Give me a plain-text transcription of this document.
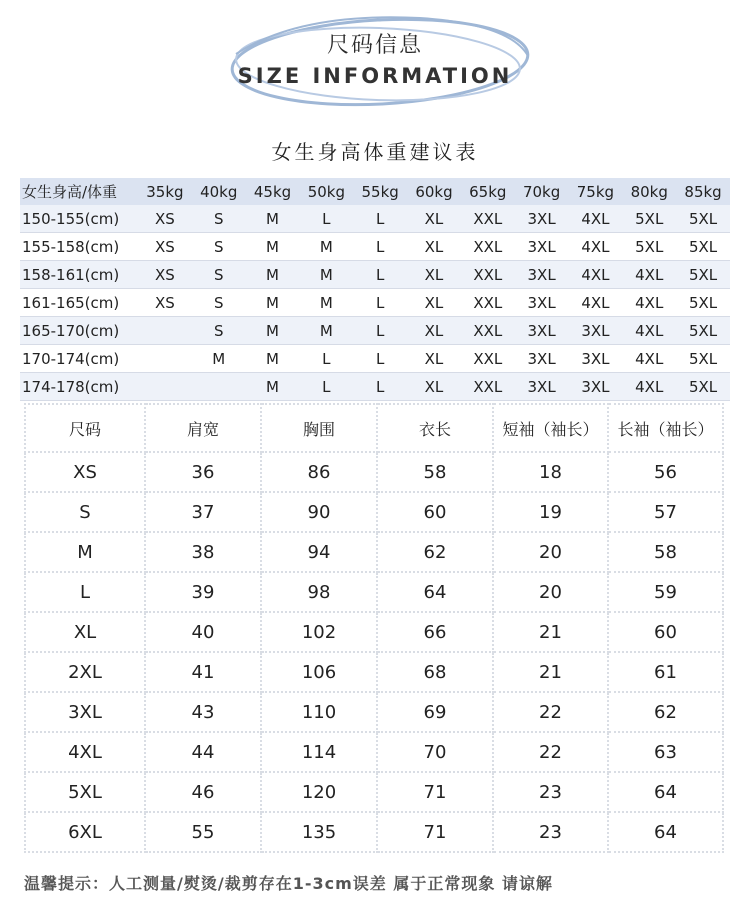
尺码信息
SIZE INFORMATION
女生身高体重建议表
女生身高/体重	35kg	40kg	45kg	50kg	55kg	60kg	65kg	70kg	75kg	80kg	85kg
150-155(cm)	XS	S	M	L	L	XL	XXL	3XL	4XL	5XL	5XL
155-158(cm)	XS	S	M	M	L	XL	XXL	3XL	4XL	5XL	5XL
158-161(cm)	XS	S	M	M	L	XL	XXL	3XL	4XL	4XL	5XL
161-165(cm)	XS	S	M	M	L	XL	XXL	3XL	4XL	4XL	5XL
165-170(cm)		S	M	M	L	XL	XXL	3XL	3XL	4XL	5XL
170-174(cm)		M	M	L	L	XL	XXL	3XL	3XL	4XL	5XL
174-178(cm)			M	L	L	XL	XXL	3XL	3XL	4XL	5XL
尺码	肩宽	胸围	衣长	短袖（袖长）	长袖（袖长）
XS	36	86	58	18	56
S	37	90	60	19	57
M	38	94	62	20	58
L	39	98	64	20	59
XL	40	102	66	21	60
2XL	41	106	68	21	61
3XL	43	110	69	22	62
4XL	44	114	70	22	63
5XL	46	120	71	23	64
6XL	55	135	71	23	64
温馨提示：人工测量/熨烫/裁剪存在1-3cm误差 属于正常现象 请谅解
